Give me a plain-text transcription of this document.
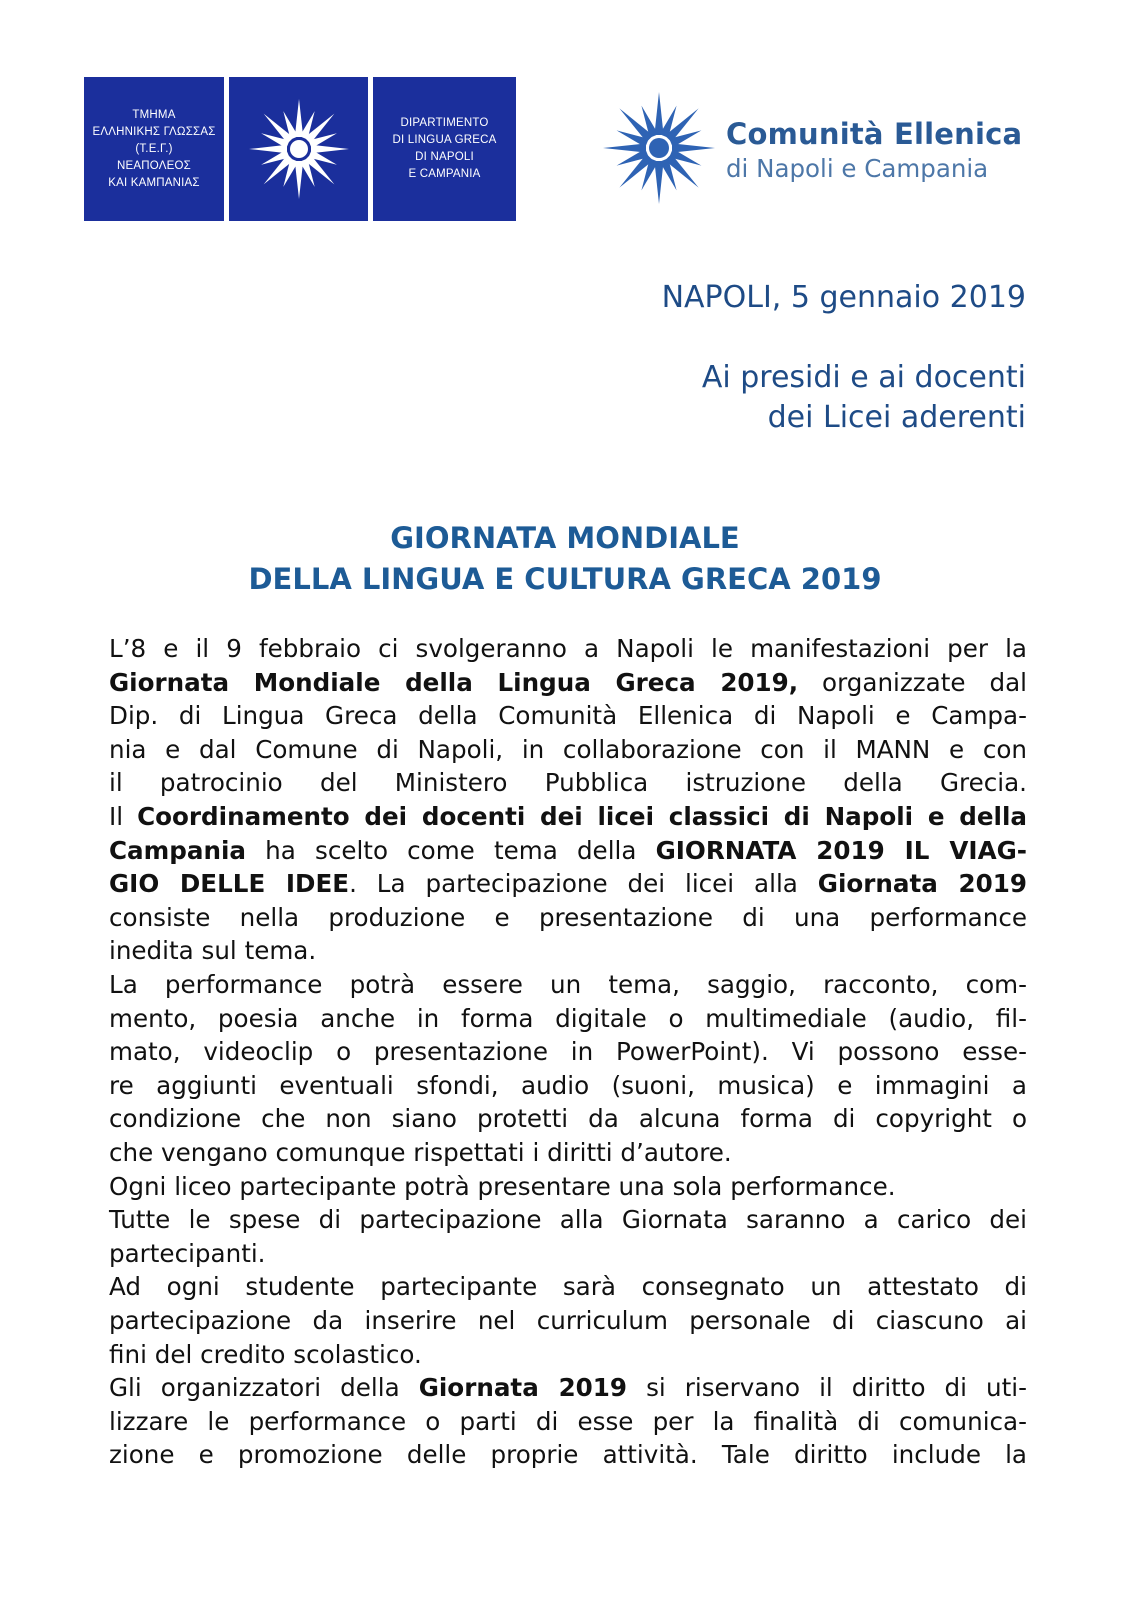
ΤΜΗΜΑ
ΕΛΛΗΝΙΚΗΣ ΓΛΩΣΣΑΣ
(Τ.Ε.Γ.)
ΝΕΑΠΟΛΕΟΣ
ΚΑΙ ΚΑΜΠΑΝΙΑΣ
DIPARTIMENTO
DI LINGUA GRECA
DI NAPOLI
E CAMPANIA
Comunità Ellenica
di Napoli e Campania
NAPOLI, 5 gennaio 2019
Ai presidi e ai docenti
dei Licei aderenti
GIORNATA MONDIALE
DELLA LINGUA E CULTURA GRECA 2019
L’8 e il 9 febbraio ci svolgeranno a Napoli le manifestazioni per la
Giornata Mondiale della Lingua Greca 2019, organizzate dal
Dip. di Lingua Greca della Comunità Ellenica di Napoli e Campa-
nia e dal Comune di Napoli, in collaborazione con il MANN e con
il patrocinio del Ministero Pubblica istruzione della Grecia.
Il Coordinamento dei docenti dei licei classici di Napoli e della
Campania ha scelto come tema della GIORNATA 2019 IL VIAG-
GIO DELLE IDEE. La partecipazione dei licei alla Giornata 2019
consiste nella produzione e presentazione di una performance
inedita sul tema.
La performance potrà essere un tema, saggio, racconto, com-
mento, poesia anche in forma digitale o multimediale (audio, fil-
mato, videoclip o presentazione in PowerPoint). Vi possono esse-
re aggiunti eventuali sfondi, audio (suoni, musica) e immagini a
condizione che non siano protetti da alcuna forma di copyright o
che vengano comunque rispettati i diritti d’autore.
Ogni liceo partecipante potrà presentare una sola performance.
Tutte le spese di partecipazione alla Giornata saranno a carico dei
partecipanti.
Ad ogni studente partecipante sarà consegnato un attestato di
partecipazione da inserire nel curriculum personale di ciascuno ai
fini del credito scolastico.
Gli organizzatori della Giornata 2019 si riservano il diritto di uti-
lizzare le performance o parti di esse per la finalità di comunica-
zione e promozione delle proprie attività. Tale diritto include la
